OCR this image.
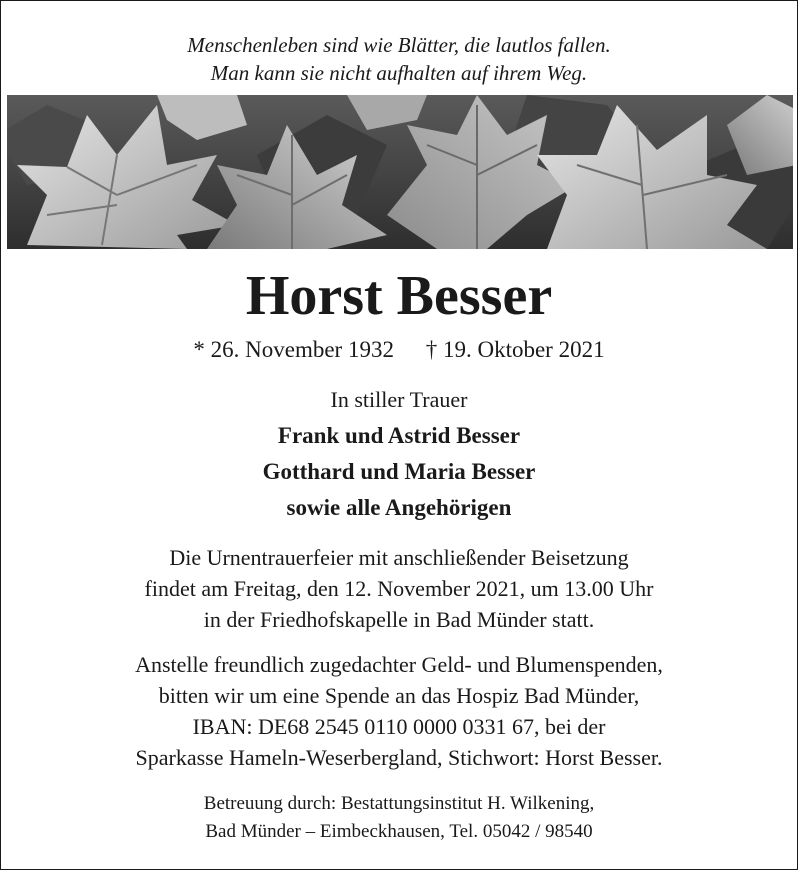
Menschenleben sind wie Blätter, die lautlos fallen.
Man kann sie nicht aufhalten auf ihrem Weg.
Horst Besser
* 26. November 1932 † 19. Oktober 2021
In stiller Trauer
Frank und Astrid Besser
Gotthard und Maria Besser
sowie alle Angehörigen
Die Urnentrauerfeier mit anschließender Beisetzung
findet am Freitag, den 12. November 2021, um 13.00 Uhr
in der Friedhofskapelle in Bad Münder statt.
Anstelle freundlich zugedachter Geld- und Blumenspenden,
bitten wir um eine Spende an das Hospiz Bad Münder,
IBAN: DE68 2545 0110 0000 0331 67, bei der
Sparkasse Hameln-Weserbergland, Stichwort: Horst Besser.
Betreuung durch: Bestattungsinstitut H. Wilkening,
Bad Münder – Eimbeckhausen, Tel. 05042 / 98540
